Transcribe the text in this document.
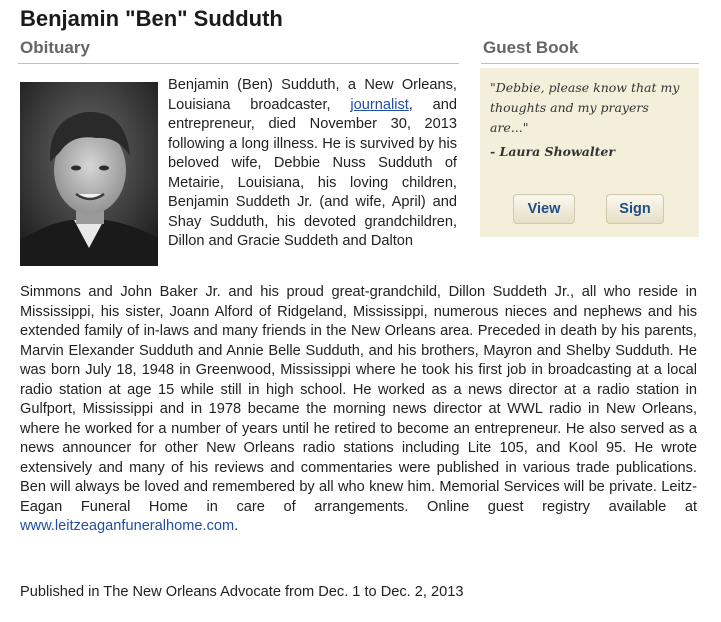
Benjamin "Ben" Sudduth
Obituary	Guest Book

Benjamin (Ben) Sudduth, a New Orleans, Louisiana broadcaster, journalist, and entrepreneur, died November 30, 2013 following a long illness. He is survived by his beloved wife, Debbie Nuss Sudduth of Metairie, Louisiana, his loving children, Benjamin Suddeth Jr. (and wife, April) and Shay Sudduth, his devoted grandchildren, Dillon and Gracie Suddeth and Dalton

Simmons and John Baker Jr. and his proud great-grandchild, Dillon Suddeth Jr., all who reside in Mississippi, his sister, Joann Alford of Ridgeland, Mississippi, numerous nieces and nephews and his extended family of in-laws and many friends in the New Orleans area. Preceded in death by his parents, Marvin Elexander Sudduth and Annie Belle Sudduth, and his brothers, Mayron and Shelby Sudduth. He was born July 18, 1948 in Greenwood, Mississippi where he took his first job in broadcasting at a local radio station at age 15 while still in high school. He worked as a news director at a radio station in Gulfport, Mississippi and in 1978 became the morning news director at WWL radio in New Orleans, where he worked for a number of years until he retired to become an entrepreneur. He also served as a news announcer for other New Orleans radio stations including Lite 105, and Kool 95. He wrote extensively and many of his reviews and commentaries were published in various trade publications. Ben will always be loved and remembered by all who knew him. Memorial Services will be private. Leitz-Eagan Funeral Home in care of arrangements. Online guest registry available at www.leitzeaganfuneralhome.com.
Published in The New Orleans Advocate from Dec. 1 to Dec. 2, 2013

"Debbie, please know that my thoughts and my prayers are..."

- Laura Showalter
View	Sign
